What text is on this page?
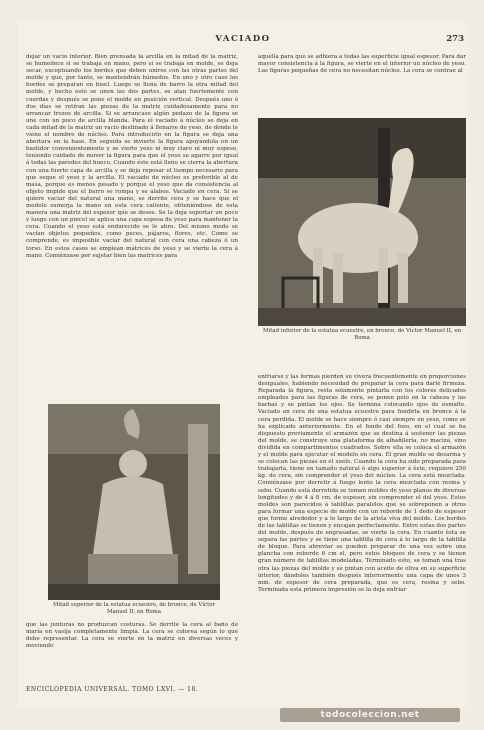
VACIADO	273

dejar un vacío interior. Bien prensada la arcilla en la mitad de la matriz, se humedece si se trabaja en mano, pero si se trabaja en molde, se deja secar, exceptuando los bordes que deben unirse con las otras partes del molde y que, por tanto, se mantendrán húmedos. En uno y otro caso los bordes se preparan en bisel. Luego se llena de barro la otra mitad del molde, y hecho esto se unen las dos partes, se atan fuertemente con cuerdas y después se pone el molde en posición vertical. Después uno ó dos días se retiran las piezas de la matriz cuidadosamente para no arrancar trozos de arcilla. Si se arrancase algún pedazo de la figura se une con un poco de arcilla blanda. Para el vaciado á núcleo se deja en cada mitad de la matriz un vacío destinado á llenarse de yeso, de donde le viene el nombre de núcleo. Para introducirlo en la figura se deja una abertura en la base. En seguida se invierte la figura apoyándola en un bastidor convenientemente y se vierte yeso ni muy claro ni muy espeso, teniendo cuidado de mover la figura para que el yeso se agarre por igual á todas las paredes del hueco. Cuando éste está lleno se cierra la abertura con una fuerte capa de arcilla y se deja reposar el tiempo necesario para que seque el yeso y la arcilla. El vaciado de núcleo es preferible al de masa, porque es menos pesado y porque el yeso que da consistencia al objeto impide que el barro se rompa y se alabee. Vaciado en cera. Si se quiere vaciar del natural una mano, se derrite cera y se hace que el modelo sumerja la mano en esta cera caliente, obteniéndose de esta manera una matriz del espesor que se desee. Se la deja soportar un poco y luego con un pincel se aplica una capa espesa de yeso para mantener la cera. Cuando el yeso está endurecido se le abre. Del mismo modo se vacían objetos pequeños, como peces, pájaros, flores, etc. Como se comprende, es imposible vaciar del natural con cera una cabeza ó un torso. En estos casos se emplean matrices de yeso y se vierte la cera á mano. Comiénzase por sujetar bien las matrices para

aquélla para que se adhiera a todas las superficie igual espesor. Para dar mayor consistencia á la figura, se vierte en el interior un núcleo de yeso. Las figuras pequeñas de cera no necesitan núcleo. La cera se contrae al

Mitad inferior de la estatua ecuestre, en bronce, de Víctor Manuel II, en Roma

enfriarse y las formas pierden su vivera frecuentemente en proporciones desiguales, habiendo necesidad de preparar la cera para darle firmeza. Reparada la figura, resta solamente pintarla con los colores delicados empleados para las figuras de cera, se ponen pelo en la cabeza y las barbas y se pintan los ojos. Se termina colocando ojos de esmalte. Vaciado en cera de una estatua ecuestre para fundirla en bronce á la cera perdida. El molde se hace siempre ó casi siempre en yeso, como se ha explicado anteriormente. En el fondo del foso, en el cual se ha dispuesto previamente el armazón que se destina á sostener las piezas del molde, se construye una plataforma de albañilería, no maciza, sino dividida en compartimentos cuadrados. Sobre ella se coloca el armazón y el molde para ejecutar el modelo en cera. El gran molde se desarma y se colocan las piezas en el suelo. Cuando la cera ha sido preparada para trabajarla, tiene un tamaño natural ó algo superior á éste, requiere 250 kg. de cera, sin comprender el yeso del núcleo. La cera está mezclada. Comiénzase por derretir á fuego lento la cera mezclada con resina y sebo. Cuando está derretida se toman moldes de yeso planos de diversas longitudes y de 4 á 8 cm. de espesor, sin comprender el del yeso. Estos moldes son parecidos á tablillas paralelos que se sobreponen a otros para formar una especie de molde con un reborde de 1 dedo de espesor que forme alrededor y a lo largo de la arista viva del molde. Los bordes de las tablillas se tienen y encajan perfectamente. Entre estas dos partes del molde, después de engrasadas, se vierte la cera. En cuanto ésta se separa las partes y se tiene una tablilla de cera á lo largo de la tablilla de bloque. Para abreviar se pueden preparar de una vez sobre una plancha con reborde 6 cm el, pero estos bloques de cera y se tienen gran número de tablillas modeladas. Terminado esto, se toman una tras otra las piezas del molde y se pintan con aceite de oliva en su superficie interior, dándoles también después interiormente una capa de unos 3 mm. de espesor de cera preparada, que es cera, resina y sebo. Terminada esta primera impresión se la deja enfriar

Mitad superior de la estatua ecuestre, de bronce, de Víctor Manuel II, en Roma

que las junturas no produzcan costuras. Se derrite la cera al baño de maría en vasija completamente limpia. La cera se colorea según lo que debe representar. La cera se vierte en la matriz en diversas veces y moviendo

ENCICLOPEDIA UNIVERSAL. TOMO LXVI. — 18.
todocoleccion.net
